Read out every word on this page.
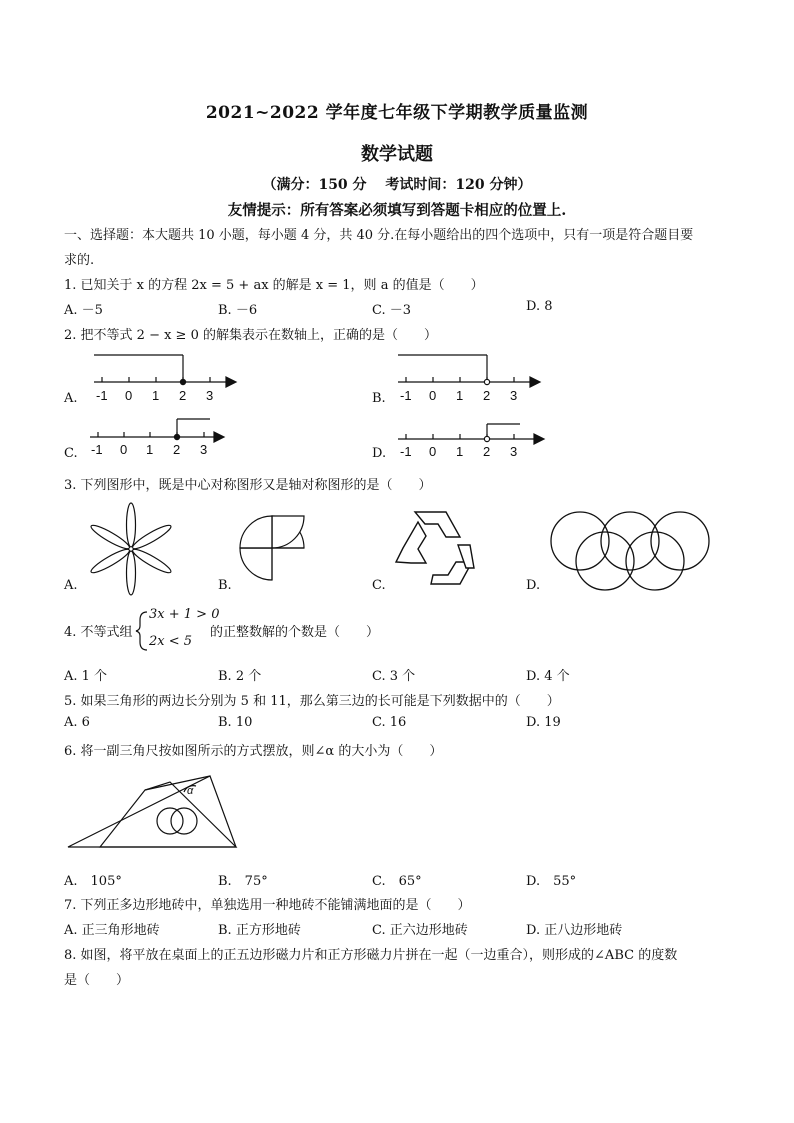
2021~2022 学年度七年级下学期教学质量监测
数学试题
（满分：150 分　 考试时间：120 分钟）
友情提示：所有答案必须填写到答题卡相应的位置上.
一、选择题：本大题共 10 小题，每小题 4 分，共 40 分.在每小题给出的四个选项中，只有一项是符合题目要
求的.
1. 已知关于 x 的方程 2x = 5 + ax 的解是 x = 1，则 a 的值是（　　）
A. －5	B. －6	C. －3	D. 8
2. 把不等式 2 − x ≥ 0 的解集表示在数轴上，正确的是（　　）
A.	B.
C.	D.
-1 0 1 2 3	-1 0 1 2 3
-1 0 1 2 3	-1 0 1 2 3
α
3. 下列图形中，既是中心对称图形又是轴对称图形的是（　　）
A.	B.	C.	D.
4. 不等式组
3x + 1 > 0
2x < 5
的正整数解的个数是（　　）
A. 1 个	B. 2 个	C. 3 个	D. 4 个
5. 如果三角形的两边长分别为 5 和 11，那么第三边的长可能是下列数据中的（　　）
A. 6	B. 10	C. 16	D. 19
6. 将一副三角尺按如图所示的方式摆放，则∠α 的大小为（　　）
A.　105°	B.　75°	C.　65°	D.　55°
7. 下列正多边形地砖中，单独选用一种地砖不能铺满地面的是（　　）
A. 正三角形地砖	B. 正方形地砖	C. 正六边形地砖	D. 正八边形地砖
8. 如图，将平放在桌面上的正五边形磁力片和正方形磁力片拼在一起（一边重合），则形成的∠ABC 的度数
是（　　）
